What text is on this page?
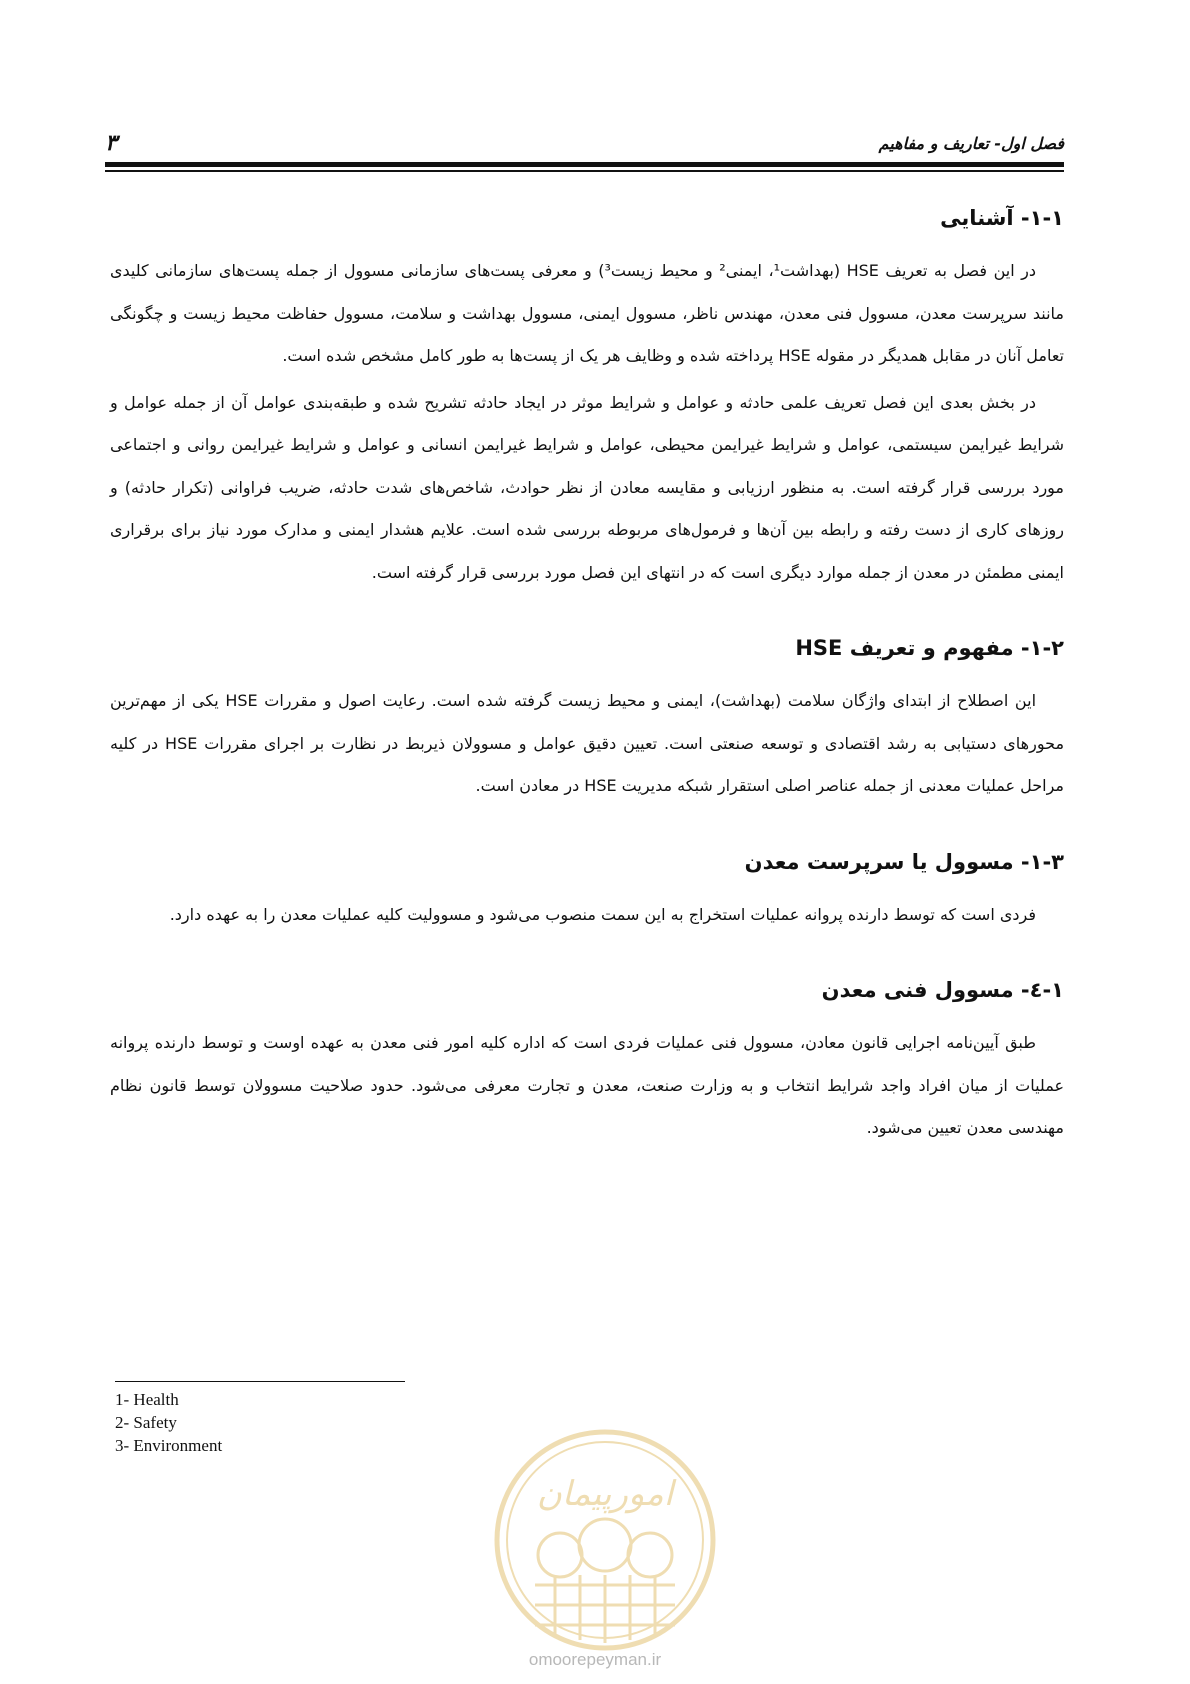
۳	فصل اول- تعاریف و مفاهیم
۱-۱- آشنایی

در این فصل به تعریف HSE (بهداشت¹، ایمنی² و محیط زیست³) و معرفی پست‌های سازمانی مسوول از جمله پست‌های سازمانی کلیدی مانند سرپرست معدن، مسوول فنی معدن، مهندس ناظر، مسوول ایمنی، مسوول بهداشت و سلامت، مسوول حفاظت محیط زیست و چگونگی تعامل آنان در مقابل همدیگر در مقوله HSE پرداخته شده و وظایف هر یک از پست‌ها به طور کامل مشخص شده است.

در بخش بعدی این فصل تعریف علمی حادثه و عوامل و شرایط موثر در ایجاد حادثه تشریح شده و طبقه‌بندی عوامل آن از جمله عوامل و شرایط غیرایمن سیستمی، عوامل و شرایط غیرایمن محیطی، عوامل و شرایط غیرایمن انسانی و عوامل و شرایط غیرایمن روانی و اجتماعی مورد بررسی قرار گرفته است. به منظور ارزیابی و مقایسه معادن از نظر حوادث، شاخص‌های شدت حادثه، ضریب فراوانی (تکرار حادثه) و روزهای کاری از دست رفته و رابطه بین آن‌ها و فرمول‌های مربوطه بررسی شده است. علایم هشدار ایمنی و مدارک مورد نیاز برای برقراری ایمنی مطمئن در معدن از جمله موارد دیگری است که در انتهای این فصل مورد بررسی قرار گرفته است.

۱-۲- مفهوم و تعریف HSE

این اصطلاح از ابتدای واژگان سلامت (بهداشت)، ایمنی و محیط زیست گرفته شده است. رعایت اصول و مقررات HSE یکی از مهم‌ترین محورهای دستیابی به رشد اقتصادی و توسعه صنعتی است. تعیین دقیق عوامل و مسوولان ذیربط در نظارت بر اجرای مقررات HSE در کلیه مراحل عملیات معدنی از جمله عناصر اصلی استقرار شبکه مدیریت HSE در معادن است.

۱-۳- مسوول یا سرپرست معدن

فردی است که توسط دارنده پروانه عملیات استخراج به این سمت منصوب می‌شود و مسوولیت کلیه عملیات معدن را به عهده دارد.

۱-٤- مسوول فنی معدن

طبق آیین‌نامه اجرایی قانون معادن، مسوول فنی عملیات فردی است که اداره کلیه امور فنی معدن به عهده اوست و توسط دارنده پروانه عملیات از میان افراد واجد شرایط انتخاب و به وزارت صنعت، معدن و تجارت معرفی می‌شود. حدود صلاحیت مسوولان توسط قانون نظام مهندسی معدن تعیین می‌شود.

1- Health
2- Safety
3- Environment
امورپیمان
omoorepeyman.ir
